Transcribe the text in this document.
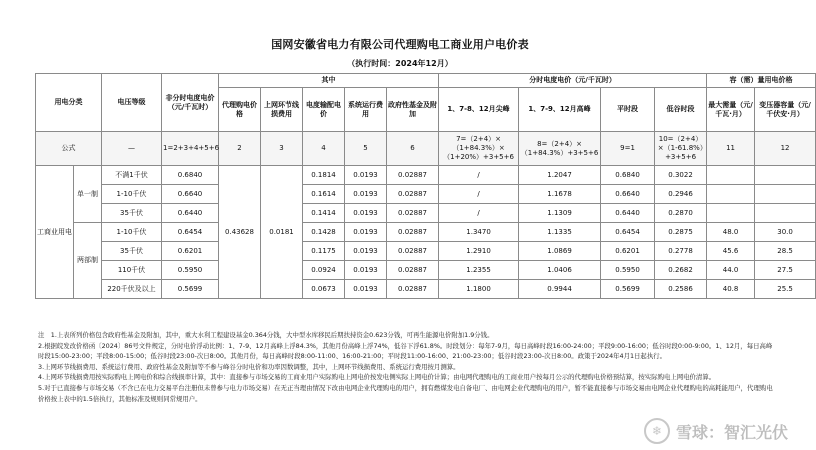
国网安徽省电力有限公司代理购电工商业用户电价表
（执行时间：2024年12月）
用电分类		电压等级	非分时电度电价（元/千瓦时）	其中					分时电度电价（元/千瓦时）				容（需）量用电价格	
				代理购电价格	上网环节线损费用	电度输配电价	系统运行费用	政府性基金及附加	1、7-8、12月尖峰	1、7-9、12月高峰	平时段	低谷时段	最大需量（元/千瓦·月）	变压器容量（元/千伏安·月）
公式		—	1=2+3+4+5+6	2	3	4	5	6	7=（2+4）×（1+84.3%）×（1+20%）+3+5+6	8=（2+4）×（1+84.3%）+3+5+6	9=1	10=（2+4）×（1-61.8%）+3+5+6	11	12
工商业用电	单一制	不满1千伏	0.6840	0.43628	0.0181	0.1814	0.0193	0.02887	/	1.2047	0.6840	0.3022		
		1-10千伏	0.6640			0.1614	0.0193	0.02887	/	1.1678	0.6640	0.2946		
		35千伏	0.6440			0.1414	0.0193	0.02887	/	1.1309	0.6440	0.2870		
	两部制	1-10千伏	0.6454			0.1428	0.0193	0.02887	1.3470	1.1335	0.6454	0.2875	48.0	30.0
		35千伏	0.6201			0.1175	0.0193	0.02887	1.2910	1.0869	0.6201	0.2778	45.6	28.5
		110千伏	0.5950			0.0924	0.0193	0.02887	1.2355	1.0406	0.5950	0.2682	44.0	27.5
		220千伏及以上	0.5699			0.0673	0.0193	0.02887	1.1800	0.9944	0.5699	0.2586	40.8	25.5

注　1.上表所列价格包含政府性基金及附加，其中，重大水利工程建设基金0.364分钱，大中型水库移民后期扶持资金0.623分钱，可再生能源电价附加1.9分钱。

2.根据皖发改价格函〔2024〕86号文件规定，分时电价浮动比例：1、7-9、12月高峰上浮84.3%，其他月份高峰上浮74%，低谷下浮61.8%。时段划分：每年7-9月，每日高峰时段16:00-24:00；平段9:00-16:00；低谷时段0:00-9:00。1、12月，每日高峰时段15:00-23:00；平段8:00-15:00；低谷时段23:00-次日8:00。其他月份，每日高峰时段8:00-11:00、16:00-21:00；平时段11:00-16:00、21:00-23:00；低谷时段23:00-次日8:00。政策于2024年4月1日起执行。

3.上网环节线损费用、系统运行费用、政府性基金及附加等不参与峰谷分时电价和功率因数调整，其中，上网环节线损费用、系统运行费用按月测算。

4.上网环节线损费用按实际购电上网电价和综合线损率计算，其中：直接参与市场交易的工商业用户实际购电上网电价按发电侧实际上网电价计算；由电网代理购电的工商业用户按每月公示的代理购电价格预结算，按实际购电上网电价清算。

5.对于已直接参与市场交易（不含已在电力交易平台注册但未曾参与电力市场交易）在无正当理由情况下改由电网企业代理购电的用户，拥有燃煤发电自备电厂、由电网企业代理购电的用户，暂不能直接参与市场交易由电网企业代理购电的高耗能用户，代理购电价格按上表中的1.5倍执行，其他标准及规则同常规用户。

❄ 雪球：智汇光伏
